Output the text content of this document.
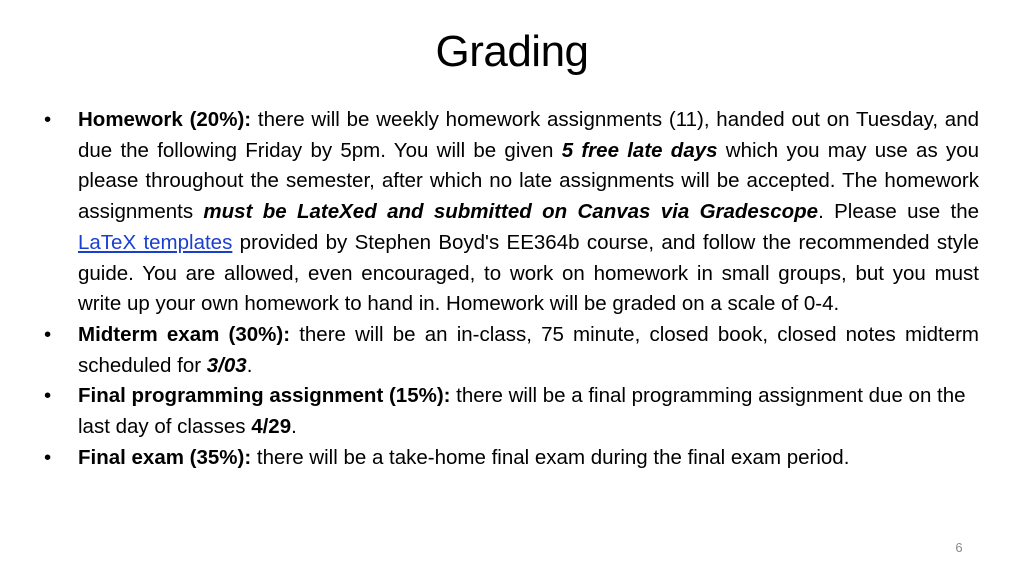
Grading
• Homework (20%): there will be weekly homework assignments (11), handed out on Tuesday, and due the following Friday by 5pm. You will be given 5 free late days which you may use as you please throughout the semester, after which no late assignments will be accepted. The homework assignments must be LateXed and submitted on Canvas via Gradescope. Please use the LaTeX templates provided by Stephen Boyd's EE364b course, and follow the recommended style guide. You are allowed, even encouraged, to work on homework in small groups, but you must write up your own homework to hand in. Homework will be graded on a scale of 0-4.
• Midterm exam (30%): there will be an in-class, 75 minute, closed book, closed notes midterm scheduled for 3/03.
• Final programming assignment (15%): there will be a final programming assignment due on the last day of classes 4/29.
• Final exam (35%): there will be a take-home final exam during the final exam period.
6
